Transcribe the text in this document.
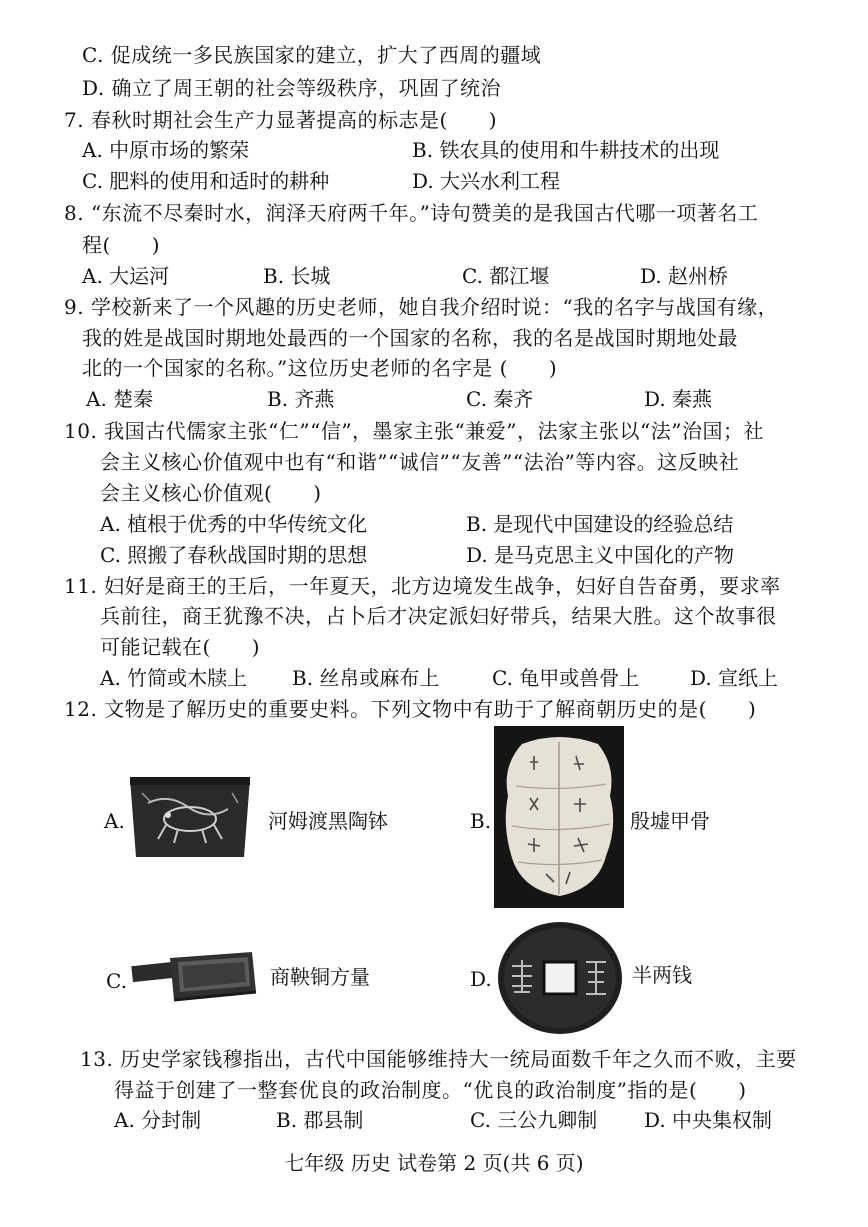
C. 促成统一多民族国家的建立，扩大了西周的疆域
D. 确立了周王朝的社会等级秩序，巩固了统治
7. 春秋时期社会生产力显著提高的标志是(　　)
A. 中原市场的繁荣	B. 铁农具的使用和牛耕技术的出现
C. 肥料的使用和适时的耕种	D. 大兴水利工程
8. “东流不尽秦时水，润泽天府两千年。”诗句赞美的是我国古代哪一项著名工
程(　　)
A. 大运河	B. 长城	C. 都江堰	D. 赵州桥
9. 学校新来了一个风趣的历史老师，她自我介绍时说：“我的名字与战国有缘，
我的姓是战国时期地处最西的一个国家的名称，我的名是战国时期地处最
北的一个国家的名称。”这位历史老师的名字是 (　　)
A. 楚秦	B. 齐燕	C. 秦齐	D. 秦燕
10. 我国古代儒家主张“仁”“信”，墨家主张“兼爱”，法家主张以“法”治国；社
会主义核心价值观中也有“和谐”“诚信”“友善”“法治”等内容。这反映社
会主义核心价值观(　　)
A. 植根于优秀的中华传统文化	B. 是现代中国建设的经验总结
C. 照搬了春秋战国时期的思想	D. 是马克思主义中国化的产物
11. 妇好是商王的王后，一年夏天，北方边境发生战争，妇好自告奋勇，要求率
兵前往，商王犹豫不决，占卜后才决定派妇好带兵，结果大胜。这个故事很
可能记载在(　　)
A. 竹简或木牍上 B. 丝帛或麻布上	C. 龟甲或兽骨上	D. 宣纸上
12. 文物是了解历史的重要史料。下列文物中有助于了解商朝历史的是(　　)
A.	河姆渡黑陶钵	B.	殷墟甲骨
C.	商鞅铜方量	D.	半两钱
13. 历史学家钱穆指出，古代中国能够维持大一统局面数千年之久而不败，主要
得益于创建了一整套优良的政治制度。“优良的政治制度”指的是(　　)
A. 分封制	B. 郡县制	C. 三公九卿制 D. 中央集权制
七年级 历史 试卷第 2 页(共 6 页)
